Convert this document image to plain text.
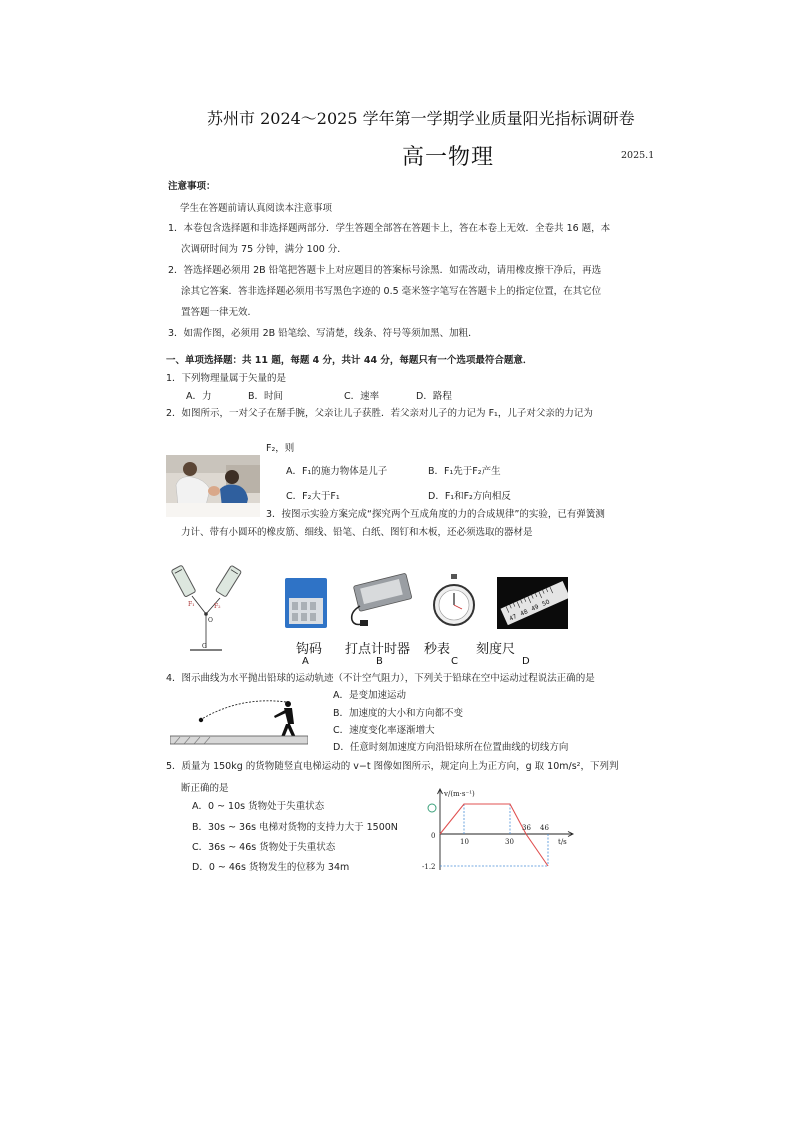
苏州市 2024～2025 学年第一学期学业质量阳光指标调研卷
高一物理	2025.1
注意事项：
学生在答题前请认真阅读本注意事项
1．本卷包含选择题和非选择题两部分．学生答题全部答在答题卡上，答在本卷上无效．全卷共 16 题，本
次调研时间为 75 分钟，满分 100 分．
2．答选择题必须用 2B 铅笔把答题卡上对应题目的答案标号涂黑．如需改动，请用橡皮擦干净后，再选
涂其它答案．答非选择题必须用书写黑色字迹的 0.5 毫米签字笔写在答题卡上的指定位置，在其它位
置答题一律无效．
3．如需作图，必须用 2B 铅笔绘、写清楚，线条、符号等须加黑、加粗．
一、单项选择题：共 11 题，每题 4 分，共计 44 分，每题只有一个选项最符合题意．
1．下列物理量属于矢量的是
A．力	B．时间	C．速率	D．路程
2．如图所示，一对父子在掰手腕，父亲让儿子获胜．若父亲对儿子的力记为 F₁，儿子对父亲的力记为
F₂，则
A．F₁的施力物体是儿子	B．F₁先于F₂产生
C．F₂大于F₁	D．F₁和F₂方向相反
3．按图示实验方案完成“探究两个互成角度的力的合成规律”的实验，已有弹簧测
力计、带有小圆环的橡皮筋、细线、铅笔、白纸、图钉和木板，还必须选取的器材是
F₁	F₂
O
G
47
48
49
50
钩码 打点计时器 秒表 刻度尺
A	B	C	D
4．图示曲线为水平抛出铅球的运动轨迹（不计空气阻力），下列关于铅球在空中运动过程说法正确的是
A．是变加速运动
B．加速度的大小和方向都不变
C．速度变化率逐渐增大
D．任意时刻加速度方向沿铅球所在位置曲线的切线方向
5．质量为 150kg 的货物随竖直电梯运动的 v−t 图像如图所示，规定向上为正方向，g 取 10m/s²，下列判
断正确的是
A．0 ~ 10s 货物处于失重状态
B．30s ~ 36s 电梯对货物的支持力大于 1500N
C．36s ~ 46s 货物处于失重状态
D．0 ~ 46s 货物发生的位移为 34m
v/(m·s⁻¹)
t/s
0
10	30
36 46
-1.2
